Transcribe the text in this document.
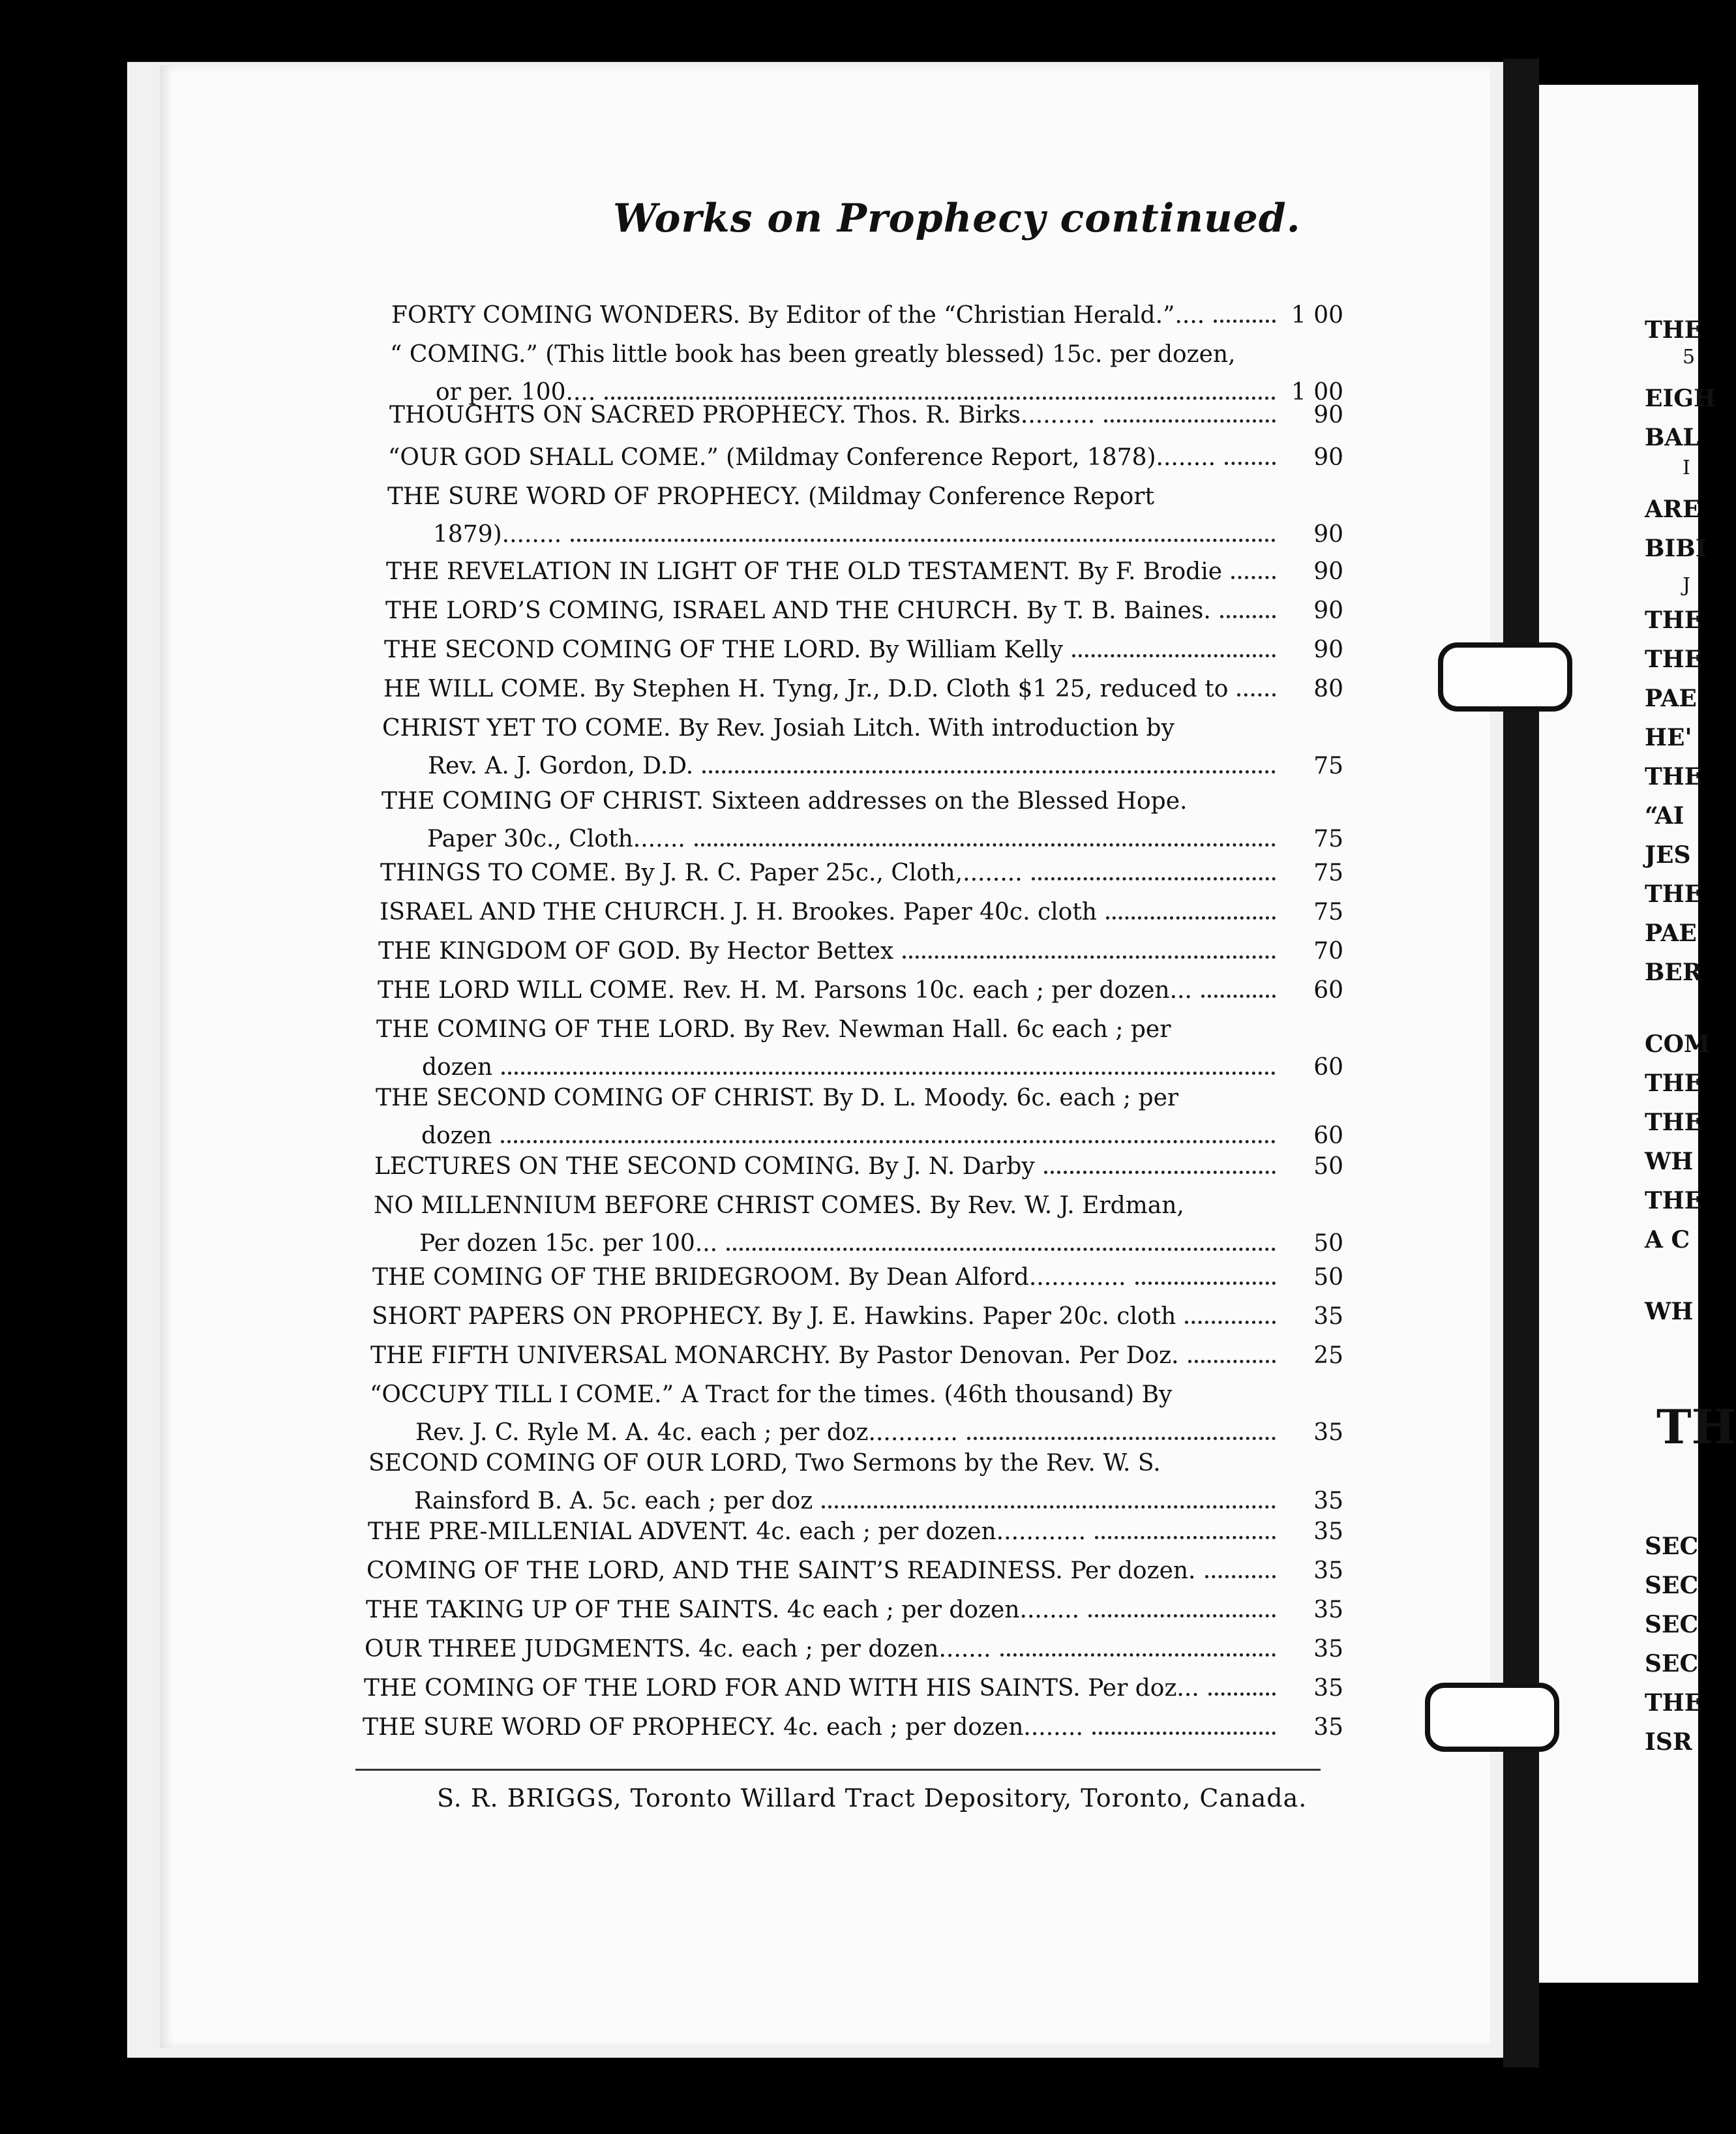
Works on Prophecy continued.
FORTY COMING WONDERS. By Editor of the “Christian Herald.”....	1 00
“ COMING.” (This little book has been greatly blessed) 15c. per dozen,
or per. 100....	1 00
THOUGHTS ON SACRED PROPHECY. Thos. R. Birks..........	90
“OUR GOD SHALL COME.” (Mildmay Conference Report, 1878)........	90
THE SURE WORD OF PROPHECY. (Mildmay Conference Report
1879)........	90
THE REVELATION IN LIGHT OF THE OLD TESTAMENT. By F. Brodie	90
THE LORD’S COMING, ISRAEL AND THE CHURCH. By T. B. Baines.	90
THE SECOND COMING OF THE LORD. By William Kelly	90
HE WILL COME. By Stephen H. Tyng, Jr., D.D. Cloth $1 25, reduced to	80
CHRIST YET TO COME. By Rev. Josiah Litch. With introduction by
Rev. A. J. Gordon, D.D.	75
THE COMING OF CHRIST. Sixteen addresses on the Blessed Hope.
Paper 30c., Cloth.......	75
THINGS TO COME. By J. R. C. Paper 25c., Cloth,........	75
ISRAEL AND THE CHURCH. J. H. Brookes. Paper 40c. cloth	75
THE KINGDOM OF GOD. By Hector Bettex	70
THE LORD WILL COME. Rev. H. M. Parsons 10c. each ; per dozen...	60
THE COMING OF THE LORD. By Rev. Newman Hall. 6c each ; per
dozen	60
THE SECOND COMING OF CHRIST. By D. L. Moody. 6c. each ; per
dozen	60
LECTURES ON THE SECOND COMING. By J. N. Darby	50
NO MILLENNIUM BEFORE CHRIST COMES. By Rev. W. J. Erdman,
Per dozen 15c. per 100...	50
THE COMING OF THE BRIDEGROOM. By Dean Alford.............	50
SHORT PAPERS ON PROPHECY. By J. E. Hawkins. Paper 20c. cloth	35
THE FIFTH UNIVERSAL MONARCHY. By Pastor Denovan. Per Doz.	25
“OCCUPY TILL I COME.” A Tract for the times. (46th thousand) By
Rev. J. C. Ryle M. A. 4c. each ; per doz............	35
SECOND COMING OF OUR LORD, Two Sermons by the Rev. W. S.
Rainsford B. A. 5c. each ; per doz	35
THE PRE-MILLENIAL ADVENT. 4c. each ; per dozen............	35
COMING OF THE LORD, AND THE SAINT’S READINESS. Per dozen.	35
THE TAKING UP OF THE SAINTS. 4c each ; per dozen........	35
OUR THREE JUDGMENTS. 4c. each ; per dozen.......	35
THE COMING OF THE LORD FOR AND WITH HIS SAINTS. Per doz...	35
THE SURE WORD OF PROPHECY. 4c. each ; per dozen........	35
S. R. BRIGGS, Toronto Willard Tract Depository, Toronto, Canada.
THE
EIGH
BAL
ARE
BIBI
THE
THE
PAE
HE'
THE
“AI
JES
THE
PAE
BER
COM
THE
THE
WH
THE
A C
WH
SEC
SEC
SEC
SEC
THE
ISR
5
I
J
TH
